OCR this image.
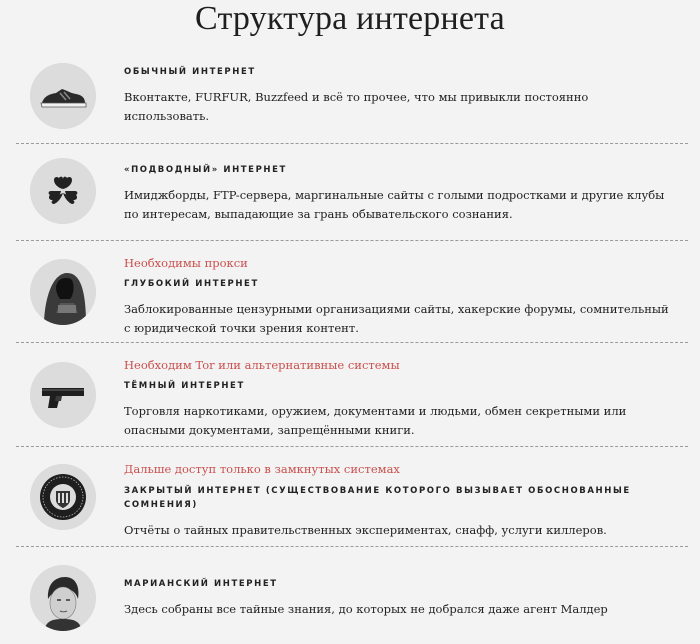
Структура интернета

ОБЫЧНЫЙ ИНТЕРНЕТ

Вконтакте, FURFUR, Buzzfeed и всё то прочее, что мы привыкли постоянно
использовать.

«ПОДВОДНЫЙ» ИНТЕРНЕТ

Имиджборды, FTP-сервера, маргинальные сайты с голыми подростками и другие клубы
по интересам, выпадающие за грань обывательского сознания.

Необходимы прокси

ГЛУБОКИЙ ИНТЕРНЕТ

Заблокированные цензурными организациями сайты, хакерские форумы, сомнительный
с юридической точки зрения контент.

Необходим Tor или альтернативные системы

ТЁМНЫЙ ИНТЕРНЕТ

Торговля наркотиками, оружием, документами и людьми, обмен секретными или
опасными документами, запрещёнными книги.

Дальше доступ только в замкнутых системах

ЗАКРЫТЫЙ ИНТЕРНЕТ (СУЩЕСТВОВАНИЕ КОТОРОГО ВЫЗЫВАЕТ ОБОСНОВАННЫЕ
СОМНЕНИЯ)

Отчёты о тайных правительственных экспериментах, снафф, услуги киллеров.

МАРИАНСКИЙ ИНТЕРНЕТ

Здесь собраны все тайные знания, до которых не добрался даже агент Малдер
